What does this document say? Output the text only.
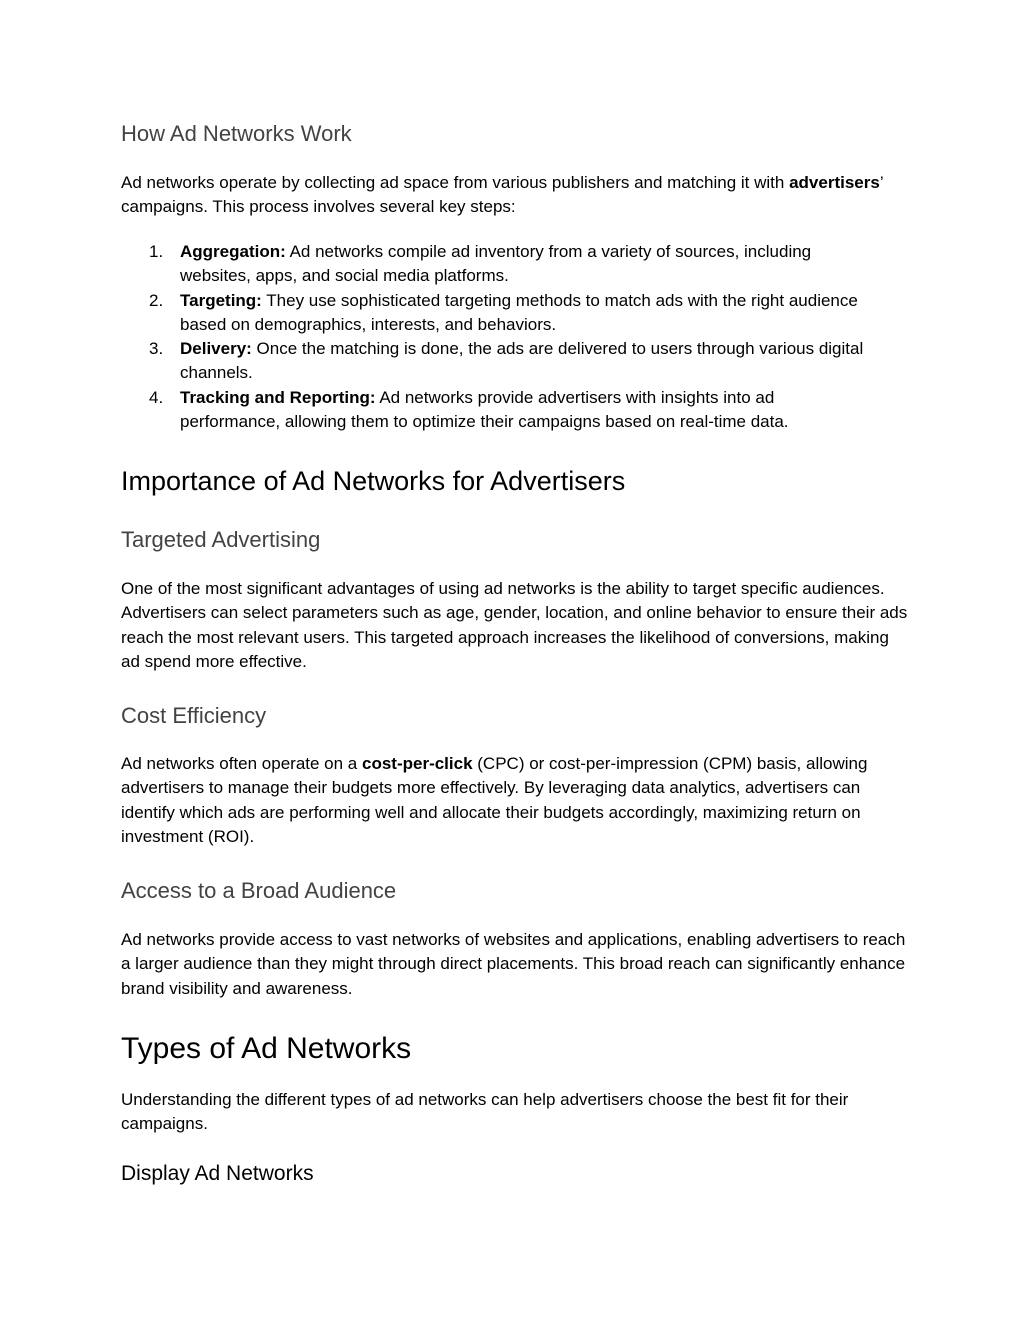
How Ad Networks Work

Ad networks operate by collecting ad space from various publishers and matching it with advertisers’ campaigns. This process involves several key steps:

1. Aggregation: Ad networks compile ad inventory from a variety of sources, including websites, apps, and social media platforms.
2. Targeting: They use sophisticated targeting methods to match ads with the right audience based on demographics, interests, and behaviors.
3. Delivery: Once the matching is done, the ads are delivered to users through various digital channels.
4. Tracking and Reporting: Ad networks provide advertisers with insights into ad performance, allowing them to optimize their campaigns based on real-time data.
Importance of Ad Networks for Advertisers
Targeted Advertising

One of the most significant advantages of using ad networks is the ability to target specific audiences. Advertisers can select parameters such as age, gender, location, and online behavior to ensure their ads reach the most relevant users. This targeted approach increases the likelihood of conversions, making ad spend more effective.

Cost Efficiency

Ad networks often operate on a cost-per-click (CPC) or cost-per-impression (CPM) basis, allowing advertisers to manage their budgets more effectively. By leveraging data analytics, advertisers can identify which ads are performing well and allocate their budgets accordingly, maximizing return on investment (ROI).

Access to a Broad Audience

Ad networks provide access to vast networks of websites and applications, enabling advertisers to reach a larger audience than they might through direct placements. This broad reach can significantly enhance brand visibility and awareness.

Types of Ad Networks

Understanding the different types of ad networks can help advertisers choose the best fit for their campaigns.

Display Ad Networks
